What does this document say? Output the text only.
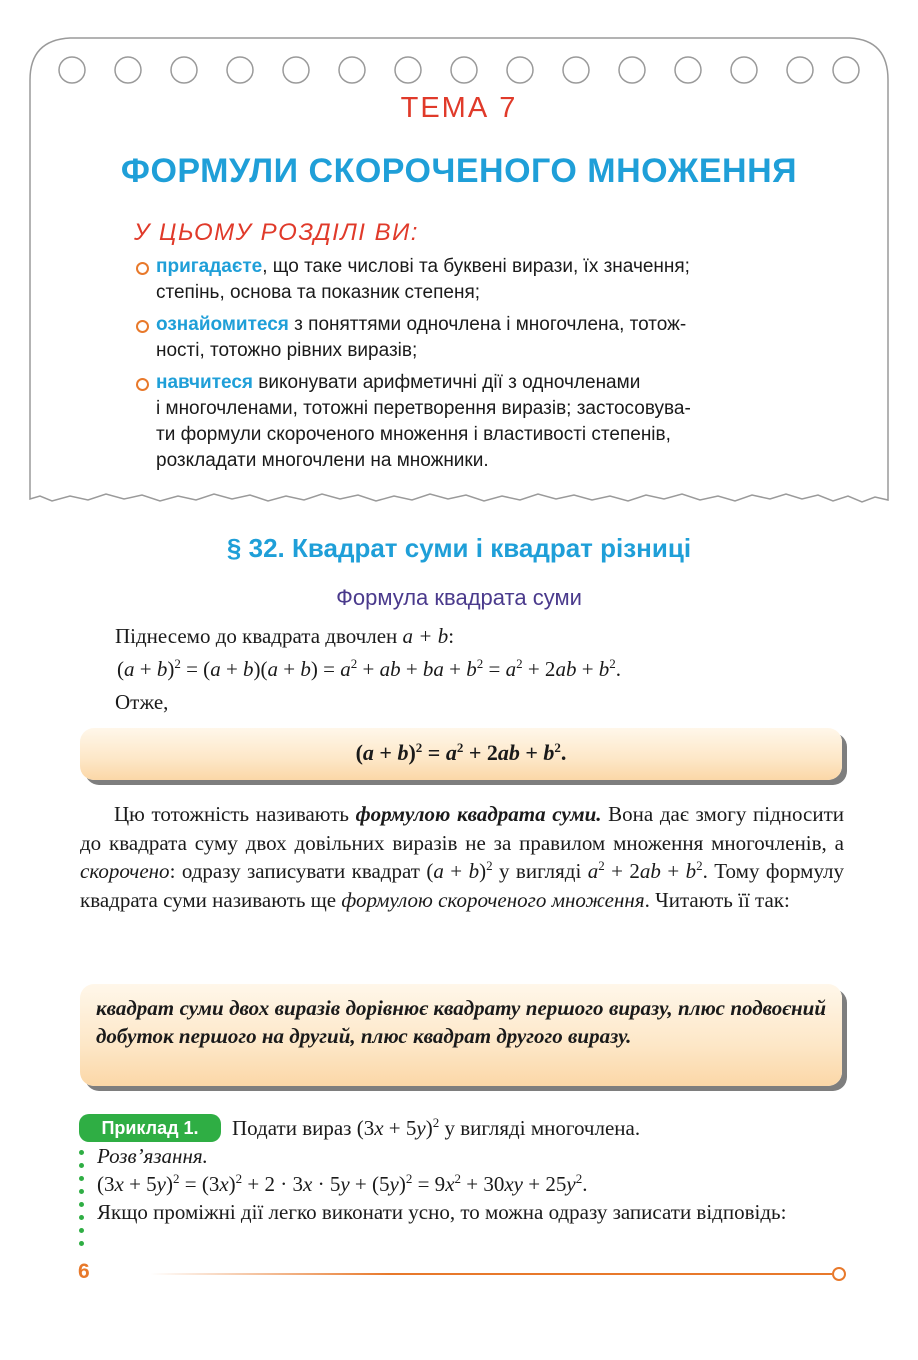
ТЕМА 7
ФОРМУЛИ СКОРОЧЕНОГО МНОЖЕННЯ
У ЦЬОМУ РОЗДІЛІ ВИ:
пригадаєте, що таке числові та буквені вирази, їх значення;
степінь, основа та показник степеня;
ознайомитеся з поняттями одночлена і многочлена, тотож-
ності, тотожно рівних виразів;
навчитеся виконувати арифметичні дії з одночленами
і многочленами, тотожні перетворення виразів; застосовува-
ти формули скороченого множення і властивості степенів,
розкладати многочлени на множники.
§ 32. Квадрат суми і квадрат різниці
Формула квадрата суми
Піднесемо до квадрата двочлен a + b:
$(a + b)^2 = (a + b)(a + b) = a^2$ + ab + ba + $b^2 = a^2 + 2ab + b^2$.
Отже,
$(a + b)^2 = a^2 + 2ab + b^2$.

Цю тотожність називають формулою квадрата суми. Вона дає змогу підносити до квадрата суму двох довільних виразів не за правилом множення многочленів, а скорочено: одразу записувати квадрат $(a + b)^2$ у вигляді $a^2 + 2ab + b^2$. Тому формулу квадрата суми називають ще формулою скороченого множення. Читають її так:

квадрат суми двох виразів дорівнює квадрату першого виразу, плюс подвоєний добуток першого на другий, плюс квадрат другого виразу.
Приклад 1.	Подати вираз $(3x + 5y)^2$ у вигляді многочлена.
Розв’язання.
$(3x + 5y)^2 = (3x)^2 + 2 \cdot 3x \cdot 5y + (5y)^2 = 9x^2 + 30xy + 25y^2$.
Якщо проміжні дії легко виконати усно, то можна одразу записати відповідь:
6
